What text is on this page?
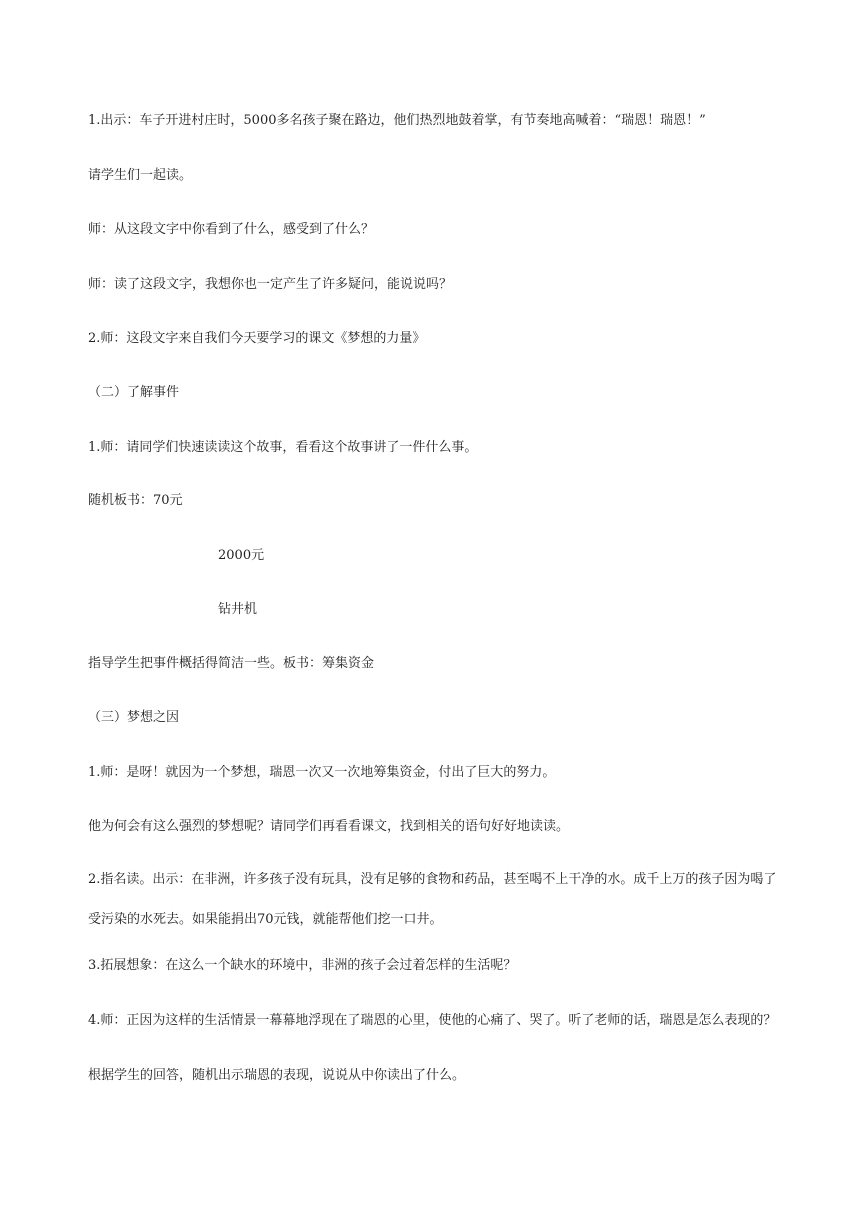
1.出示：车子开进村庄时，5000多名孩子聚在路边，他们热烈地鼓着掌，有节奏地高喊着：“瑞恩！瑞恩！”
请学生们一起读。
师：从这段文字中你看到了什么，感受到了什么？
师：读了这段文字，我想你也一定产生了许多疑问，能说说吗？
2.师：这段文字来自我们今天要学习的课文《梦想的力量》
（二）了解事件
1.师：请同学们快速读读这个故事，看看这个故事讲了一件什么事。
随机板书：70元
2000元
钻井机
指导学生把事件概括得简洁一些。板书：筹集资金
（三）梦想之因
1.师：是呀！就因为一个梦想，瑞恩一次又一次地筹集资金，付出了巨大的努力。
他为何会有这么强烈的梦想呢？请同学们再看看课文，找到相关的语句好好地读读。
2.指名读。出示：在非洲，许多孩子没有玩具，没有足够的食物和药品，甚至喝不上干净的水。成千上万的孩子因为喝了受污染的水死去。如果能捐出70元钱，就能帮他们挖一口井。
3.拓展想象：在这么一个缺水的环境中，非洲的孩子会过着怎样的生活呢？
4.师：正因为这样的生活情景一幕幕地浮现在了瑞恩的心里，使他的心痛了、哭了。听了老师的话，瑞恩是怎么表现的？
根据学生的回答，随机出示瑞恩的表现，说说从中你读出了什么。
